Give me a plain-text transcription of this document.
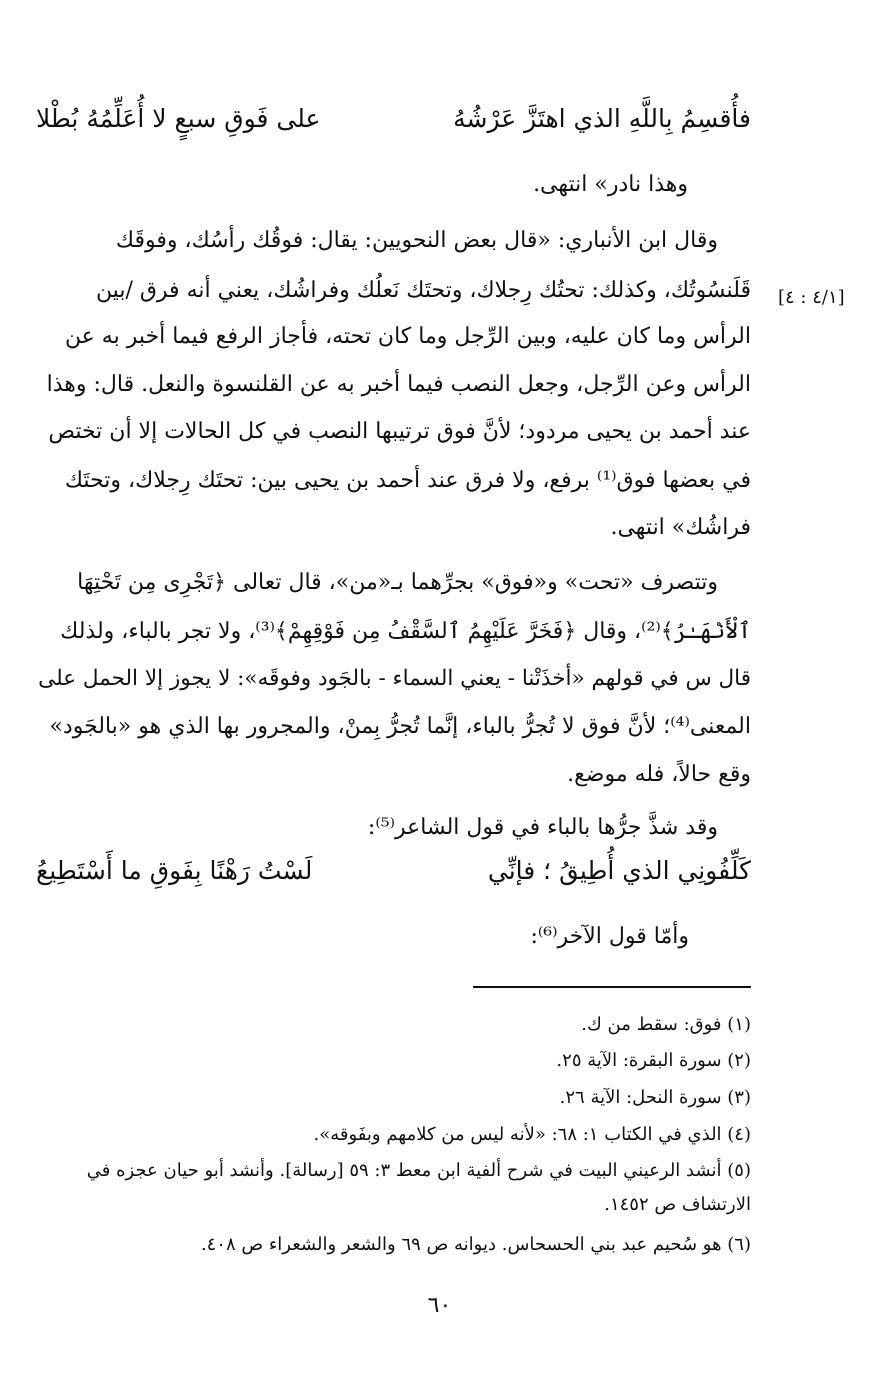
فأُقسِمُ بِاللَّهِ الذي اهتَزَّ عَرْشُهُ
على فَوقِ سبعٍ لا أُعَلِّمُهُ بُطْلا
وهذا نادر» انتهى.
وقال ابن الأنباري: «قال بعض النحويين: يقال: فوقُك رأسُك، وفوقَك
قَلَنسُوتُك، وكذلك: تحتُك رِجلاك، وتحتَك نَعلُك وفراشُك، يعني أنه فرق /بين
الرأس وما كان عليه، وبين الرِّجل وما كان تحته، فأجاز الرفع فيما أخبر به عن
الرأس وعن الرِّجل، وجعل النصب فيما أخبر به عن القلنسوة والنعل. قال: وهذا
عند أحمد بن يحيى مردود؛ لأنَّ فوق ترتيبها النصب في كل الحالات إلا أن تختص
في بعضها فوق⁽¹⁾ برفع، ولا فرق عند أحمد بن يحيى بين: تحتَك رِجلاك، وتحتَك
فراشُك» انتهى.
وتتصرف «تحت» و«فوق» بجرِّهما بـ«من»، قال تعالى ﴿تَجْرِى مِن تَحْتِهَا
ٱلْأَنْهَـٰرُ﴾⁽²⁾، وقال ﴿فَخَرَّ عَلَيْهِمُ ٱلسَّقْفُ مِن فَوْقِهِمْ﴾⁽³⁾، ولا تجر بالباء، ولذلك
قال س في قولهم «أخذَتْنا - يعني السماء - بالجَود وفوقَه»: لا يجوز إلا الحمل على
المعنى⁽⁴⁾؛ لأنَّ فوق لا تُجرُّ بالباء، إنَّما تُجرُّ بِمنْ، والمجرور بها الذي هو «بالجَود»
وقع حالاً، فله موضع.
وقد شذَّ جرُّها بالباء في قول الشاعر⁽⁵⁾:
كَلِّفُونِي الذي أُطِيقُ ؛ فإنِّي
لَسْتُ رَهْنًا بِفَوقِ ما أَسْتَطِيعُ
وأمّا قول الآخر⁽⁶⁾:
[٤/١ : ٤]
(١) فوق: سقط من ك.
(٢) سورة البقرة: الآية ٢٥.
(٣) سورة النحل: الآية ٢٦.
(٤) الذي في الكتاب ١: ٦٨: «لأنه ليس من كلامهم وبفَوقه».
(٥) أنشد الرعيني البيت في شرح ألفية ابن معط ٣: ٥٩ [رسالة]. وأنشد أبو حيان عجزه في
الارتشاف ص ١٤٥٢.
(٦) هو سُحيم عبد بني الحسحاس. ديوانه ص ٦٩ والشعر والشعراء ص ٤٠٨.
٦٠
